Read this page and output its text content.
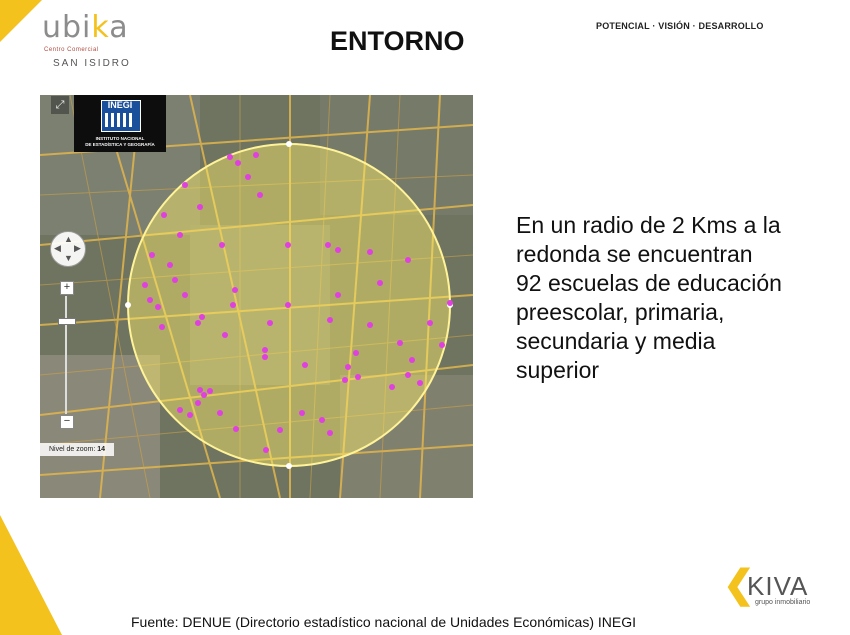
ubika
Centro Comercial
SAN ISIDRO
ENTORNO	POTENCIAL · VISIÓN · DESARROLLO
INEGI
INSTITUTO NACIONAL
DE ESTADÍSTICA Y GEOGRAFÍA
⤢
▲
▼
◀ ▶
+
−
Nivel de zoom: 14
En un radio de 2 Kms a la
redonda se encuentran
92 escuelas de educación
preescolar, primaria,
secundaria y media
superior
❮
KIVA
grupo inmobiliario
Fuente: DENUE (Directorio estadístico nacional de Unidades Económicas) INEGI
